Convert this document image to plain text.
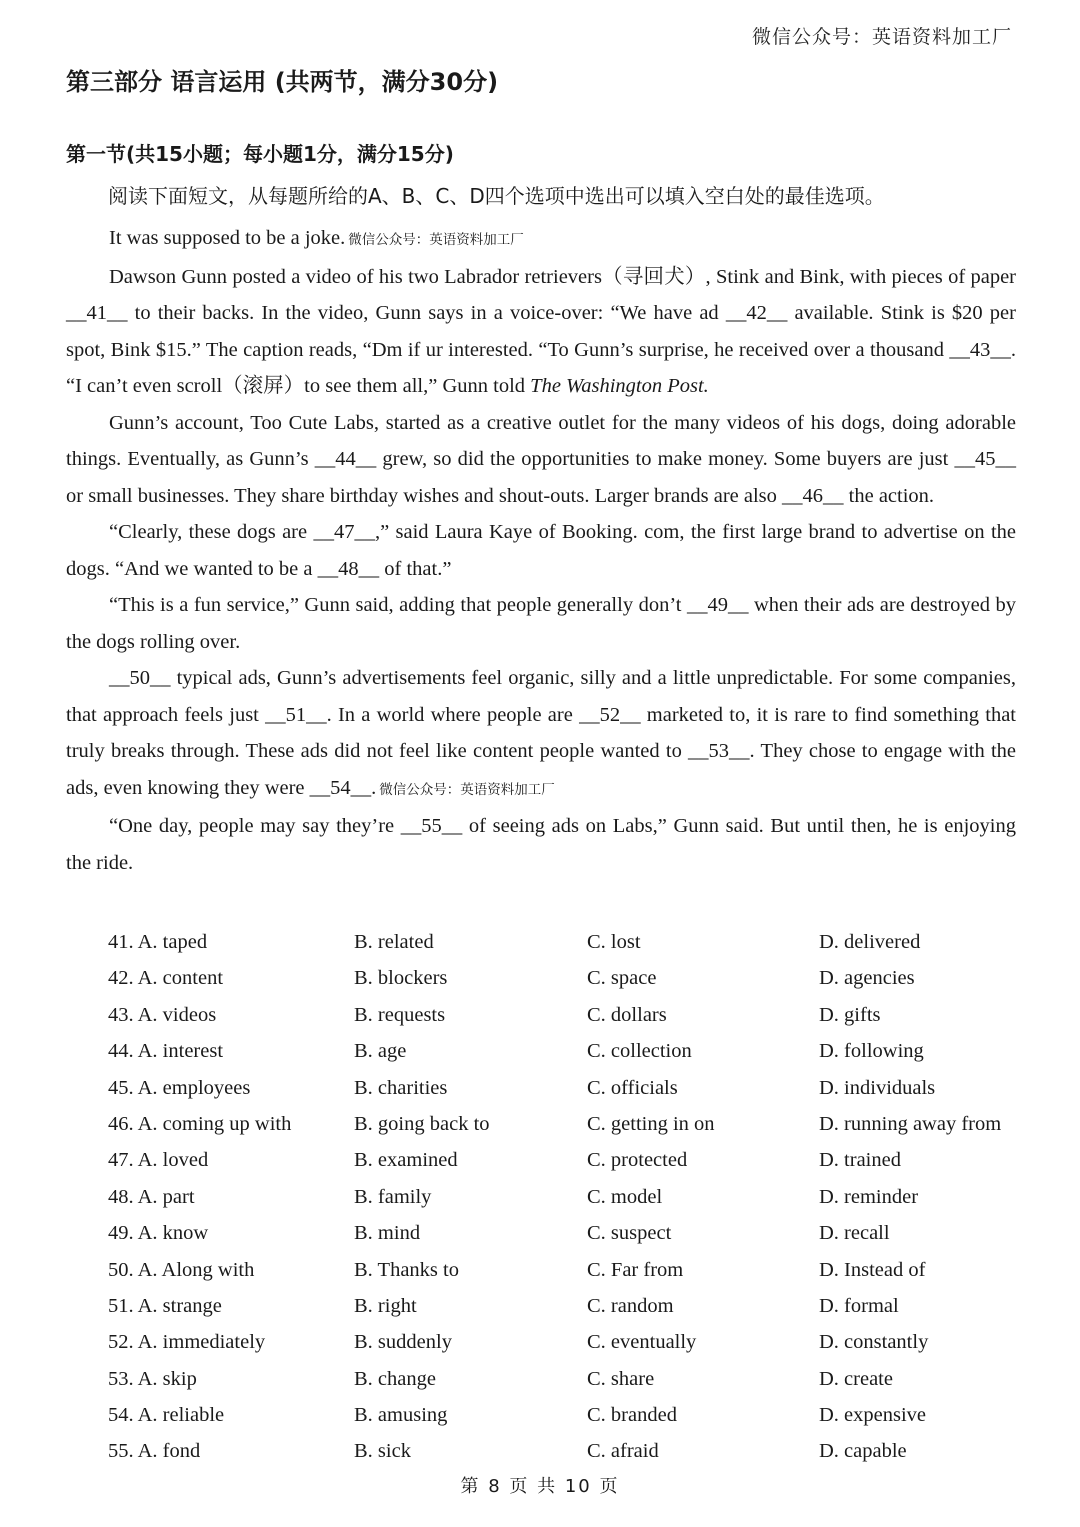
微信公众号：英语资料加工厂
第三部分 语言运用 (共两节，满分30分)
第一节(共15小题；每小题1分，满分15分)
阅读下面短文，从每题所给的A、B、C、D四个选项中选出可以填入空白处的最佳选项。

It was supposed to be a joke. 微信公众号：英语资料加工厂

Dawson Gunn posted a video of his two Labrador retrievers（寻回犬）, Stink and Bink, with pieces of paper __41__ to their backs. In the video, Gunn says in a voice-over: “We have ad __42__ available. Stink is $20 per spot, Bink $15.” The caption reads, “Dm if ur interested. “To Gunn’s surprise, he received over a thousand __43__. “I can’t even scroll（滚屏）to see them all,” Gunn told The Washington Post.

Gunn’s account, Too Cute Labs, started as a creative outlet for the many videos of his dogs, doing adorable things. Eventually, as Gunn’s __44__ grew, so did the opportunities to make money. Some buyers are just __45__ or small businesses. They share birthday wishes and shout-outs. Larger brands are also __46__ the action.

“Clearly, these dogs are __47__,” said Laura Kaye of Booking. com, the first large brand to advertise on the dogs. “And we wanted to be a __48__ of that.”

“This is a fun service,” Gunn said, adding that people generally don’t __49__ when their ads are destroyed by the dogs rolling over.

__50__ typical ads, Gunn’s advertisements feel organic, silly and a little unpredictable. For some companies, that approach feels just __51__. In a world where people are __52__ marketed to, it is rare to find something that truly breaks through. These ads did not feel like content people wanted to __53__. They chose to engage with the ads, even knowing they were __54__. 微信公众号：英语资料加工厂

“One day, people may say they’re __55__ of seeing ads on Labs,” Gunn said. But until then, he is enjoying the ride.

41. A. taped	B. related	C. lost	D. delivered
42. A. content	B. blockers	C. space	D. agencies
43. A. videos	B. requests	C. dollars	D. gifts
44. A. interest	B. age	C. collection	D. following
45. A. employees	B. charities	C. officials	D. individuals
46. A. coming up with	B. going back to	C. getting in on	D. running away from
47. A. loved	B. examined	C. protected	D. trained
48. A. part	B. family	C. model	D. reminder
49. A. know	B. mind	C. suspect	D. recall
50. A. Along with	B. Thanks to	C. Far from	D. Instead of
51. A. strange	B. right	C. random	D. formal
52. A. immediately	B. suddenly	C. eventually	D. constantly
53. A. skip	B. change	C. share	D. create
54. A. reliable	B. amusing	C. branded	D. expensive
55. A. fond	B. sick	C. afraid	D. capable
第 8 页 共 10 页
